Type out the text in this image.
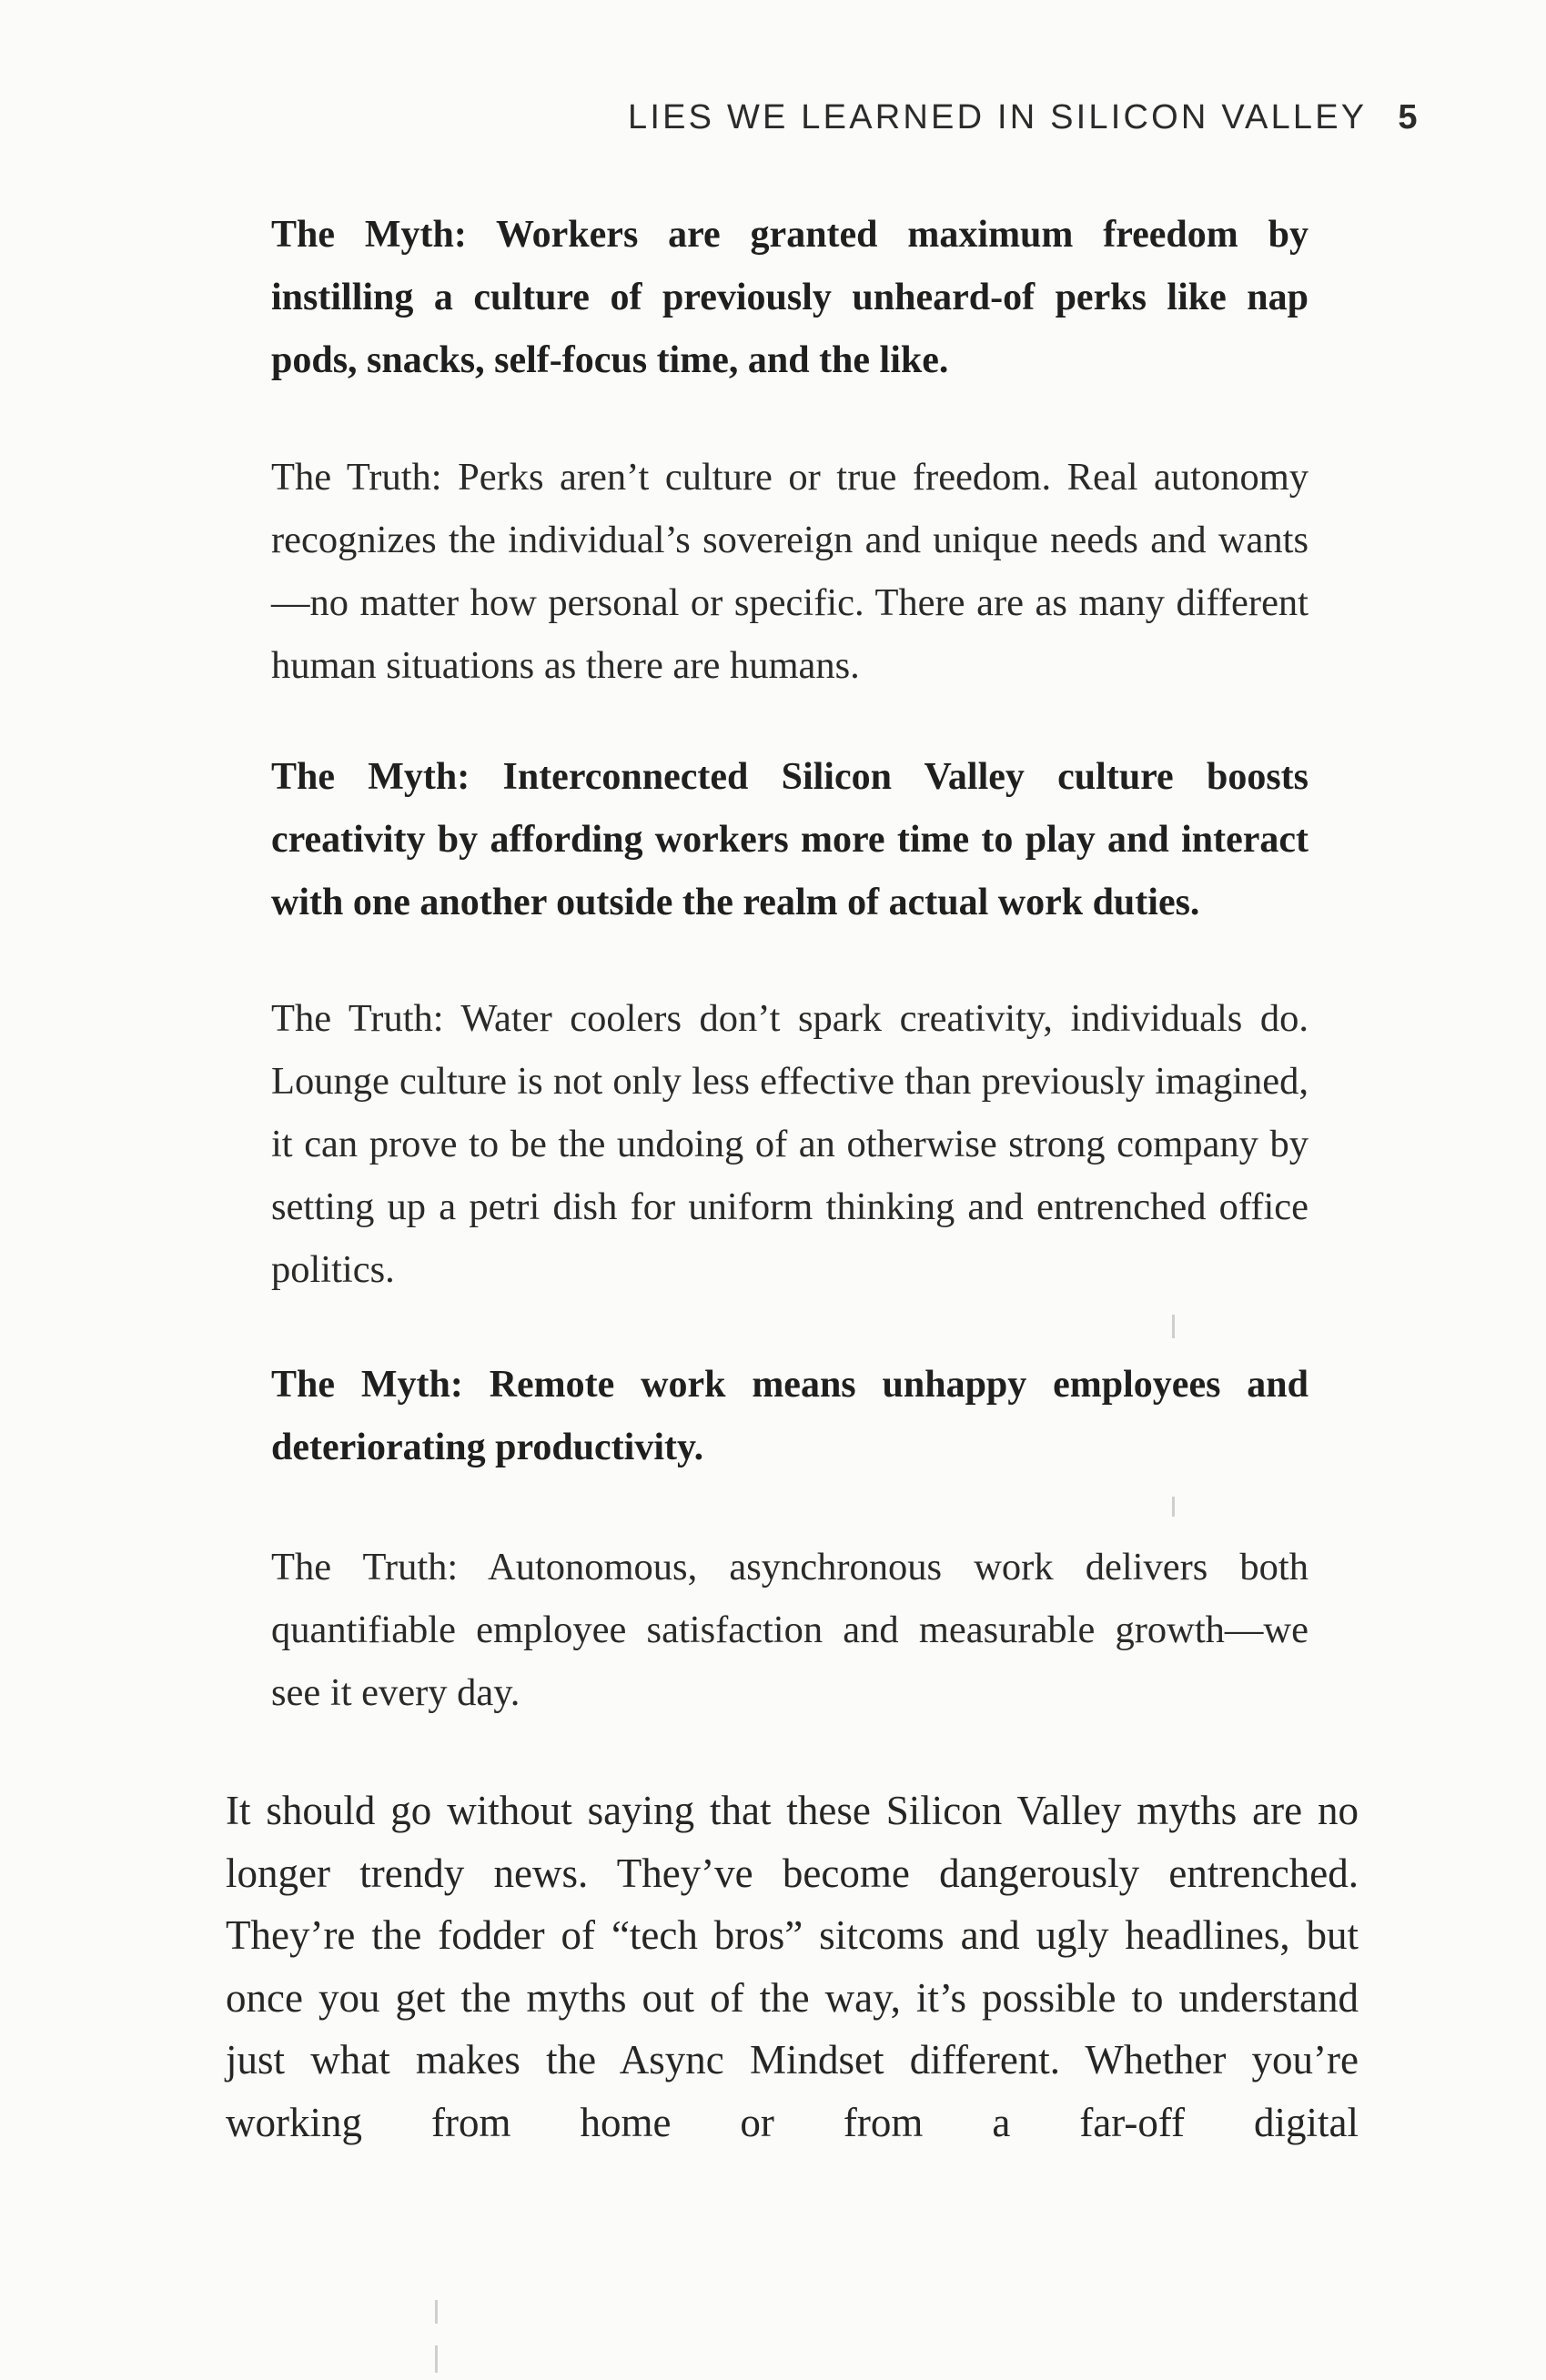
LIES WE LEARNED IN SILICON VALLEY 5

The Myth: Workers are granted maximum freedom by instilling a culture of previously unheard-of perks like nap pods, snacks, self-focus time, and the like.

The Truth: Perks aren’t culture or true freedom. Real autonomy recognizes the individual’s sovereign and unique needs and wants—no matter how personal or specific. There are as many different human situations as there are humans.

The Myth: Interconnected Silicon Valley culture boosts creativity by affording workers more time to play and interact with one another outside the realm of actual work duties.

The Truth: Water coolers don’t spark creativity, individuals do. Lounge culture is not only less effective than previously imagined, it can prove to be the undoing of an otherwise strong company by setting up a petri dish for uniform thinking and entrenched office politics.

The Myth: Remote work means unhappy employees and deteriorating productivity.

The Truth: Autonomous, asynchronous work delivers both quantifiable employee satisfaction and measurable growth—we see it every day.

It should go without saying that these Silicon Valley myths are no longer trendy news. They’ve become dangerously entrenched. They’re the fodder of “tech bros” sitcoms and ugly headlines, but once you get the myths out of the way, it’s possible to understand just what makes the Async Mindset different. Whether you’re working from home or from a far-off digital
